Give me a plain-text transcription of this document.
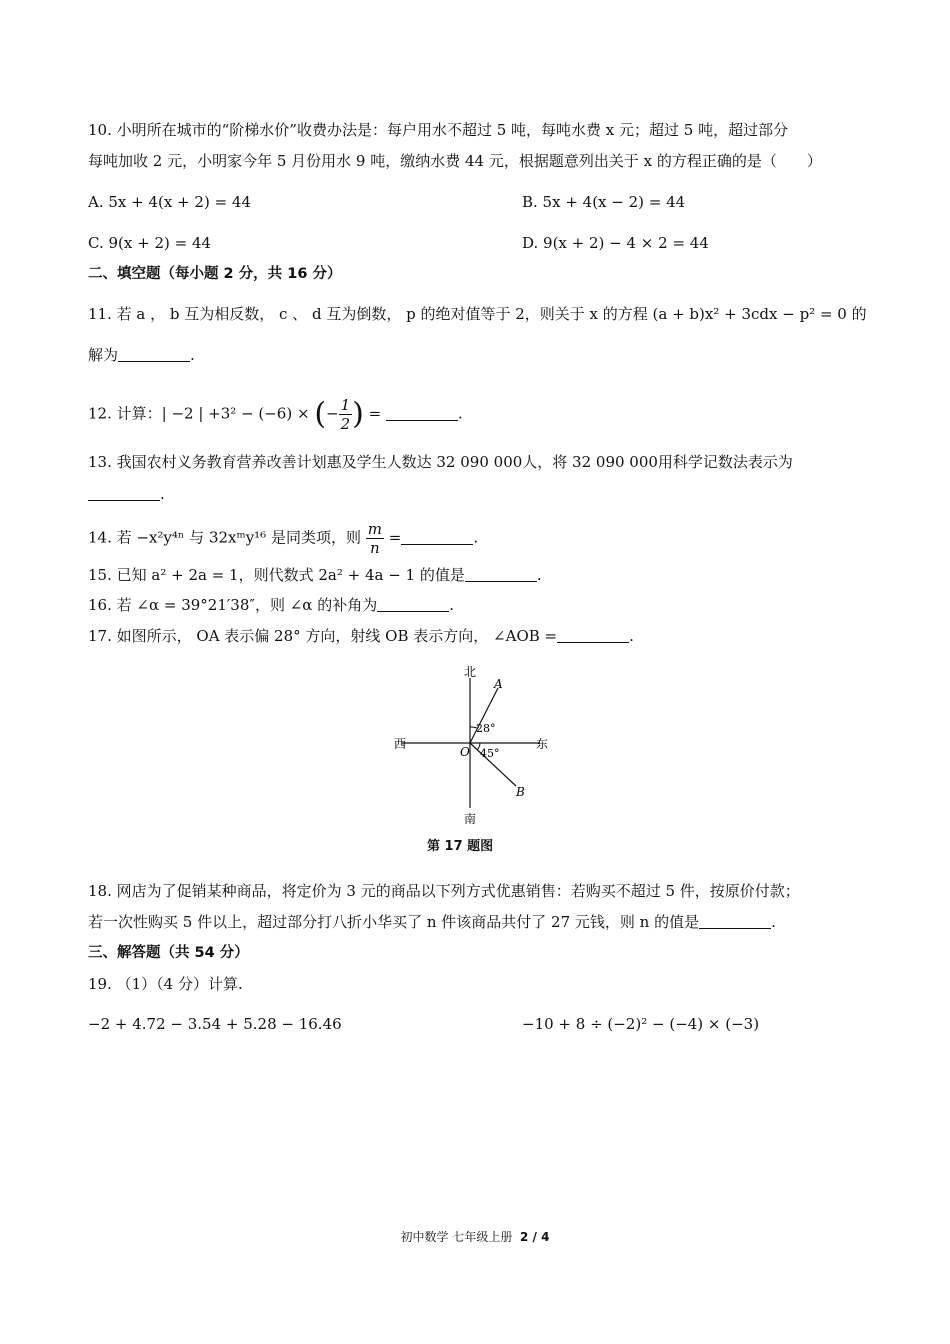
10. 小明所在城市的“阶梯水价”收费办法是：每户用水不超过 5 吨，每吨水费 x 元；超过 5 吨，超过部分
每吨加收 2 元，小明家今年 5 月份用水 9 吨，缴纳水费 44 元，根据题意列出关于 x 的方程正确的是（　　）
A. 5x + 4(x + 2) = 44	B. 5x + 4(x − 2) = 44
C. 9(x + 2) = 44	D. 9(x + 2) − 4 × 2 = 44
二、填空题（每小题 2 分，共 16 分）
11. 若 a ， b 互为相反数， c 、 d 互为倒数， p 的绝对值等于 2，则关于 x 的方程 (a + b)x² + 3cdx − p² = 0 的
解为	.
12. 计算：| −2 | +3² − (−6) × (− $\frac{1}{2}$ ) =	.
13. 我国农村义务教育营养改善计划惠及学生人数达 32 090 000人，将 32 090 000用科学记数法表示为
.
14. 若 −x²y⁴ⁿ 与 32xᵐy¹⁶ 是同类项，则 $\frac{m}{n}$ =	.
15. 已知 a² + 2a = 1，则代数式 2a² + 4a − 1 的值是	.
16. 若 ∠α = 39°21′38″，则 ∠α 的补角为	.
17. 如图所示， OA 表示偏 28° 方向，射线 OB 表示方向， ∠AOB =	.
北
南
西	东
A
B
O
28°
45°
第 17 题图
18. 网店为了促销某种商品，将定价为 3 元的商品以下列方式优惠销售：若购买不超过 5 件，按原价付款；
若一次性购买 5 件以上，超过部分打八折小华买了 n 件该商品共付了 27 元钱，则 n 的值是	.
三、解答题（共 54 分）
19. （1）（4 分）计算.
−2 + 4.72 − 3.54 + 5.28 − 16.46	−10 + 8 ÷ (−2)² − (−4) × (−3)
初中数学 七年级上册 2 / 4
